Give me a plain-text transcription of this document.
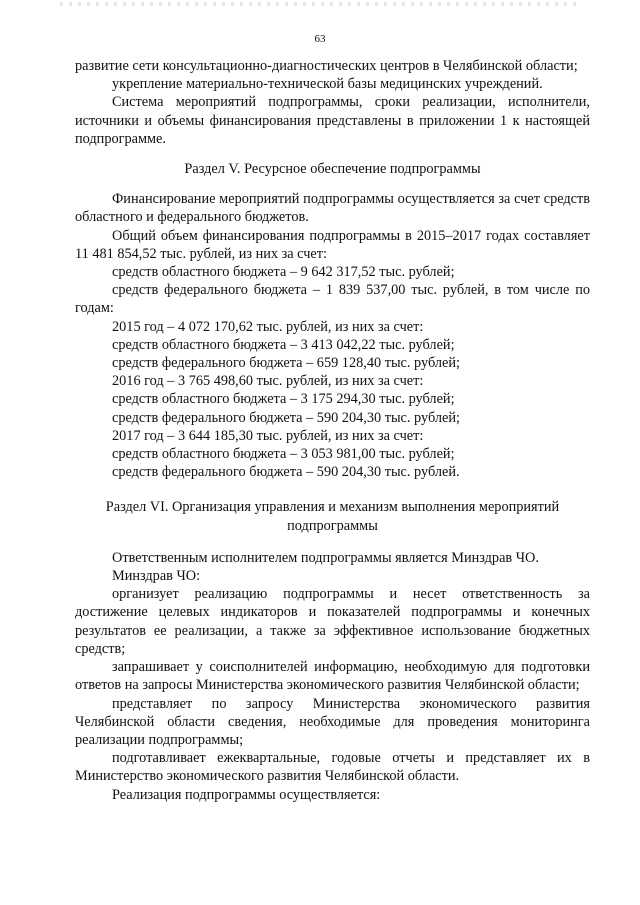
63

развитие сети консультационно-диагностических центров в Челябинской области;

укрепление материально-технической базы медицинских учреждений.

Система мероприятий подпрограммы, сроки реализации, исполнители, источники и объемы финансирования представлены в приложении 1 к настоящей подпрограмме.

Раздел V. Ресурсное обеспечение подпрограммы

Финансирование мероприятий подпрограммы осуществляется за счет средств областного и федерального бюджетов.

Общий объем финансирования подпрограммы в 2015–2017 годах составляет 11 481 854,52 тыс. рублей, из них за счет:

средств областного бюджета – 9 642 317,52 тыс. рублей;

средств федерального бюджета – 1 839 537,00 тыс. рублей, в том числе по годам:

2015 год – 4 072 170,62 тыс. рублей, из них за счет:

средств областного бюджета – 3 413 042,22 тыс. рублей;

средств федерального бюджета – 659 128,40 тыс. рублей;

2016 год – 3 765 498,60 тыс. рублей, из них за счет:

средств областного бюджета – 3 175 294,30 тыс. рублей;

средств федерального бюджета – 590 204,30 тыс. рублей;

2017 год – 3 644 185,30 тыс. рублей, из них за счет:

средств областного бюджета – 3 053 981,00 тыс. рублей;

средств федерального бюджета – 590 204,30 тыс. рублей.

Раздел VI. Организация управления и механизм выполнения мероприятий

подпрограммы

Ответственным исполнителем подпрограммы является Минздрав ЧО.

Минздрав ЧО:

организует реализацию подпрограммы и несет ответственность за достижение целевых индикаторов и показателей подпрограммы и конечных результатов ее реализации, а также за эффективное использование бюджетных средств;

запрашивает у соисполнителей информацию, необходимую для подготовки ответов на запросы Министерства экономического развития Челябинской области;

представляет по запросу Министерства экономического развития Челябинской области сведения, необходимые для проведения мониторинга реализации подпрограммы;

подготавливает ежеквартальные, годовые отчеты и представляет их в Министерство экономического развития Челябинской области.

Реализация подпрограммы осуществляется:
